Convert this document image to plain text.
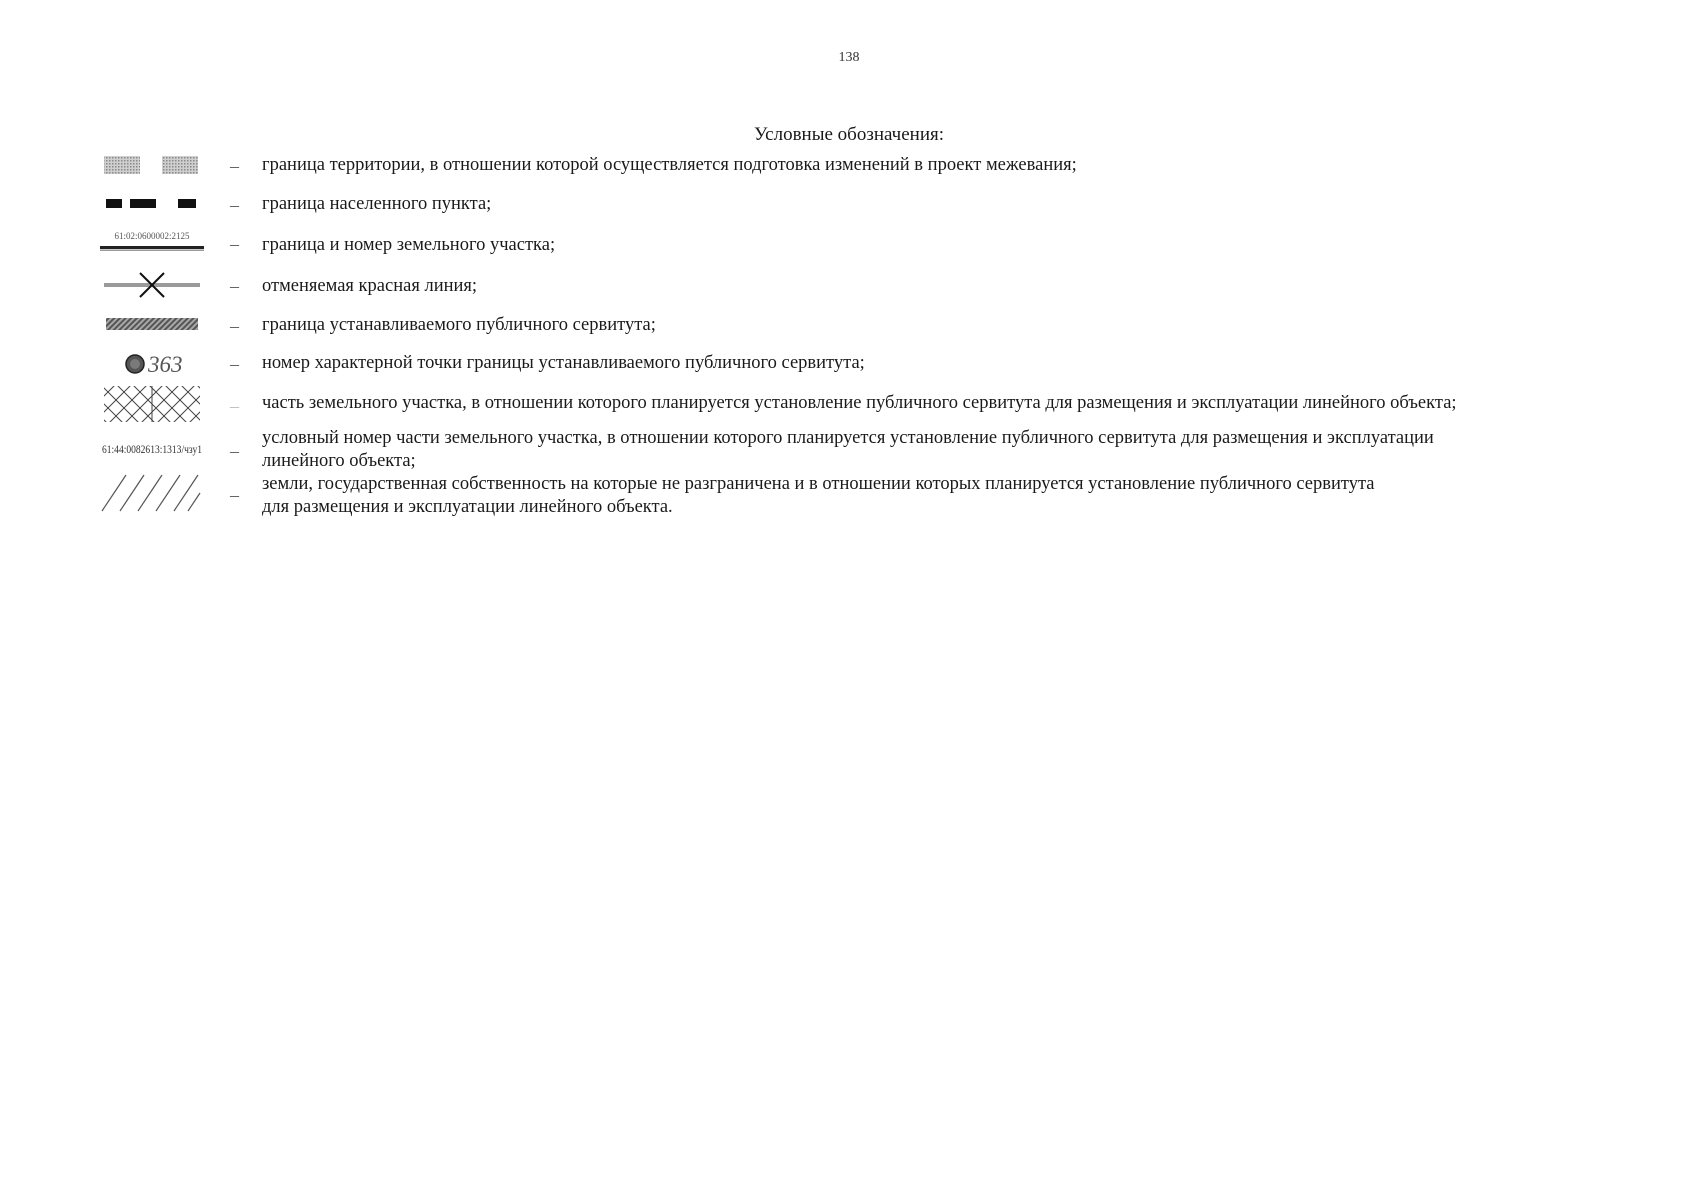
138
Условные обозначения:
– граница территории, в отношении которой осуществляется подготовка изменений в проект межевания;
– граница населенного пункта;
61:02:0600002:2125 – граница и номер земельного участка;
– отменяемая красная линия;
– граница устанавливаемого публичного сервитута;
363	– номер характерной точки границы устанавливаемого публичного сервитута;
– часть земельного участка, в отношении которого планируется установление публичного сервитута для размещения и эксплуатации линейного объекта;
61:44:0082613:1313/чзу1 –
условный номер части земельного участка, в отношении которого планируется установление публичного сервитута для размещения и эксплуатации
линейного объекта;
–
земли, государственная собственность на которые не разграничена и в отношении которых планируется установление публичного сервитута
для размещения и эксплуатации линейного объекта.
